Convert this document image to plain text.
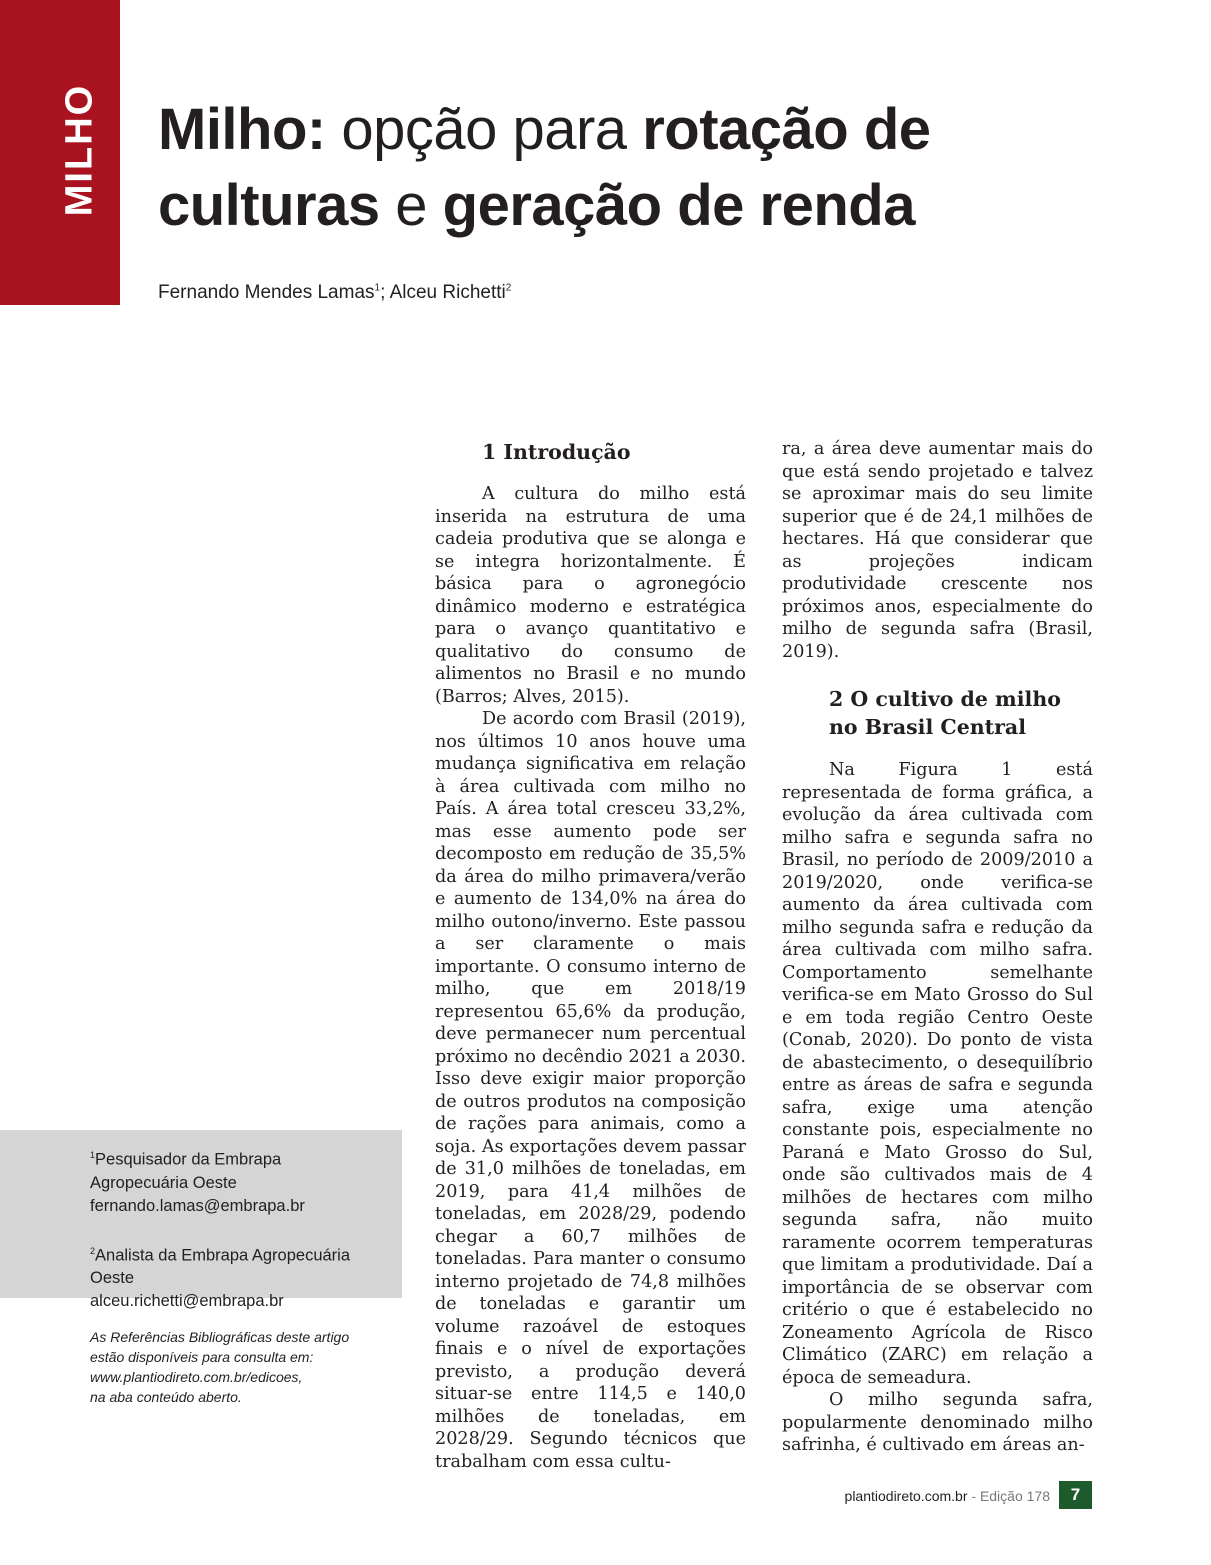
MILHO Milho: opção para rotação de culturas e geração de renda
Fernando Mendes Lamas$^1$; Alceu Richetti$^2$

$^1$Pesquisador da Embrapa

Agropecuária Oeste

fernando.lamas@embrapa.br

$^2$Analista da Embrapa Agropecuária Oeste

alceu.richetti@embrapa.br

As Referências Bibliográficas deste artigo
estão disponíveis para consulta em:
www.plantiodireto.com.br/edicoes,
na aba conteúdo aberto.
1 Introdução

A cultura do milho está inserida na estrutura de uma cadeia produtiva que se alonga e se integra horizontalmente. É básica para o agronegócio dinâmico moderno e estratégica para o avanço quantitativo e qualitativo do consumo de alimentos no Brasil e no mundo (Barros; Alves, 2015).

De acordo com Brasil (2019), nos últimos 10 anos houve uma mudança significativa em relação à área cultivada com milho no País. A área total cresceu 33,2%, mas esse aumento pode ser decomposto em redução de 35,5% da área do milho primavera/verão e aumento de 134,0% na área do milho outono/inverno. Este passou a ser claramente o mais importante. O consumo interno de milho, que em 2018/19 representou 65,6% da produção, deve permanecer num percentual próximo no decêndio 2021 a 2030. Isso deve exigir maior proporção de outros produtos na composição de rações para animais, como a soja. As exportações devem passar de 31,0 milhões de toneladas, em 2019, para 41,4 milhões de toneladas, em 2028/29, podendo chegar a 60,7 milhões de toneladas. Para manter o consumo interno projetado de 74,8 milhões de toneladas e garantir um volume razoável de estoques finais e o nível de exportações previsto, a produção deverá situar-se entre 114,5 e 140,0 milhões de toneladas, em 2028/29. Segundo técnicos que trabalham com essa cultu-

ra, a área deve aumentar mais do que está sendo projetado e talvez se aproximar mais do seu limite superior que é de 24,1 milhões de hectares. Há que considerar que as projeções indicam produtividade crescente nos próximos anos, especialmente do milho de segunda safra (Brasil, 2019).

2 O cultivo de milho
no Brasil Central

Na Figura 1 está representada de forma gráfica, a evolução da área cultivada com milho safra e segunda safra no Brasil, no período de 2009/2010 a 2019/2020, onde verifica-se aumento da área cultivada com milho segunda safra e redução da área cultivada com milho safra. Comportamento semelhante verifica-se em Mato Grosso do Sul e em toda região Centro Oeste (Conab, 2020). Do ponto de vista de abastecimento, o desequilíbrio entre as áreas de safra e segunda safra, exige uma atenção constante pois, especialmente no Paraná e Mato Grosso do Sul, onde são cultivados mais de 4 milhões de hectares com milho segunda safra, não muito raramente ocorrem temperaturas que limitam a produtividade. Daí a importância de se observar com critério o que é estabelecido no Zoneamento Agrícola de Risco Climático (ZARC) em relação a época de semeadura.

O milho segunda safra, popularmente denominado milho safrinha, é cultivado em áreas an-

plantiodireto.com.br - Edição 178	7
